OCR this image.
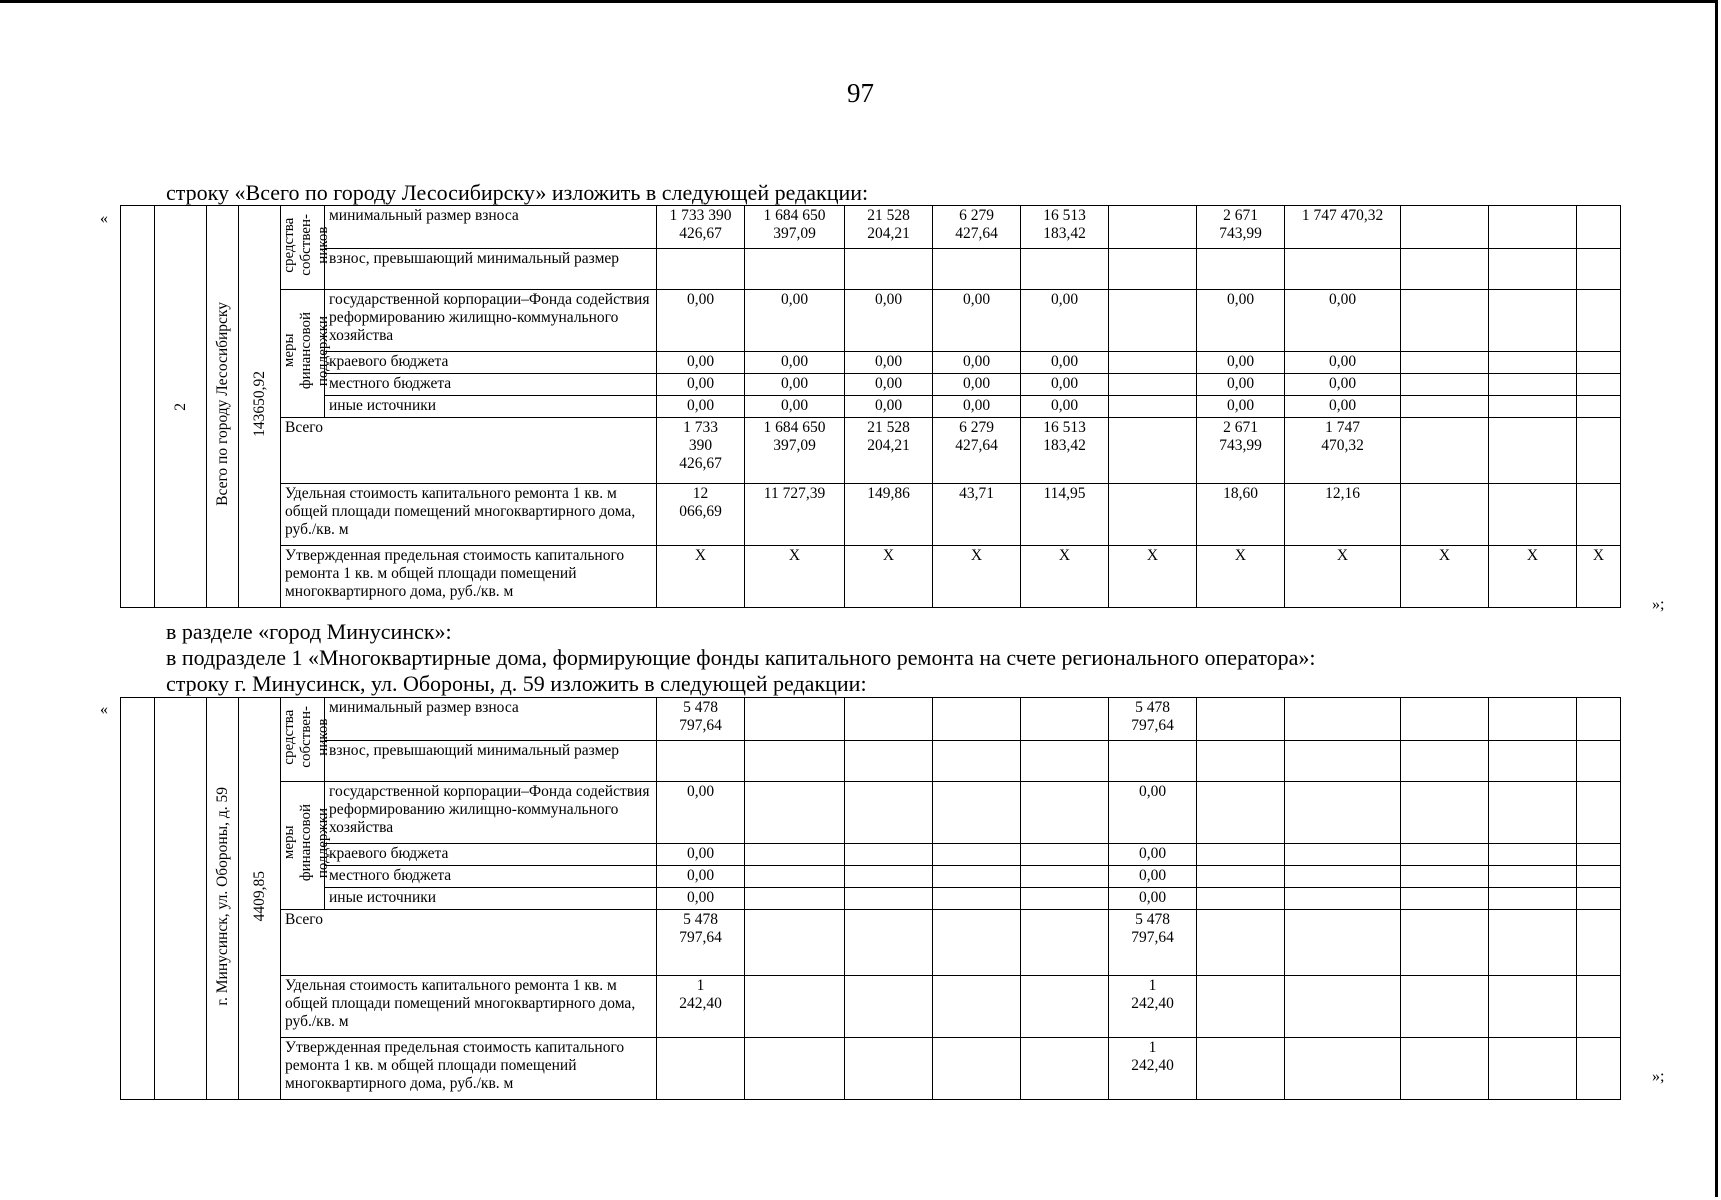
97
строку «Всего по городу Лесосибирску» изложить в следующей редакции:
«
	2	Всего по городу Лесосибирску	143650,92	средства
собствен-
ников	минимальный размер взноса	1 733 390
426,67	1 684 650
397,09	21 528
204,21	6 279
427,64	16 513
183,42		2 671
743,99	1 747 470,32			
					взнос, превышающий минимальный размер											
				меры
финансовой
поддержки	государственной корпорации–Фонда содействия реформированию жилищно-коммунального хозяйства	0,00	0,00	0,00	0,00	0,00		0,00	0,00			
					краевого бюджета	0,00	0,00	0,00	0,00	0,00		0,00	0,00			
					местного бюджета	0,00	0,00	0,00	0,00	0,00		0,00	0,00			
					иные источники	0,00	0,00	0,00	0,00	0,00		0,00	0,00			
				Всего		1 733
390
426,67	1 684 650
397,09	21 528
204,21	6 279
427,64	16 513
183,42		2 671
743,99	1 747
470,32			
				Удельная стоимость капитального ремонта 1 кв. м общей площади помещений многоквартирного дома, руб./кв. м		12
066,69	11 727,39	149,86	43,71	114,95		18,60	12,16			
				Утвержденная предельная стоимость капитального ремонта 1 кв. м общей площади помещений многоквартирного дома, руб./кв. м		Х	Х	Х	Х	Х	Х	Х	Х	Х	Х	Х
»;
в разделе «город Минусинск»:
в подразделе 1 «Многоквартирные дома, формирующие фонды капитального ремонта на счете регионального оператора»:
строку г. Минусинск, ул. Обороны, д. 59 изложить в следующей редакции:
«
		г. Минусинск, ул. Обороны, д. 59	4409,85	средства
собствен-
ников	минимальный размер взноса	5 478
797,64					5 478
797,64					
					взнос, превышающий минимальный размер											
				меры
финансовой
поддержки	государственной корпорации–Фонда содействия реформированию жилищно-коммунального хозяйства	0,00					0,00					
					краевого бюджета	0,00					0,00					
					местного бюджета	0,00					0,00					
					иные источники	0,00					0,00					
				Всего		5 478
797,64					5 478
797,64					
				Удельная стоимость капитального ремонта 1 кв. м общей площади помещений многоквартирного дома, руб./кв. м		1
242,40					1
242,40					
				Утвержденная предельная стоимость капитального ремонта 1 кв. м общей площади помещений многоквартирного дома, руб./кв. м							1
242,40					
»;
